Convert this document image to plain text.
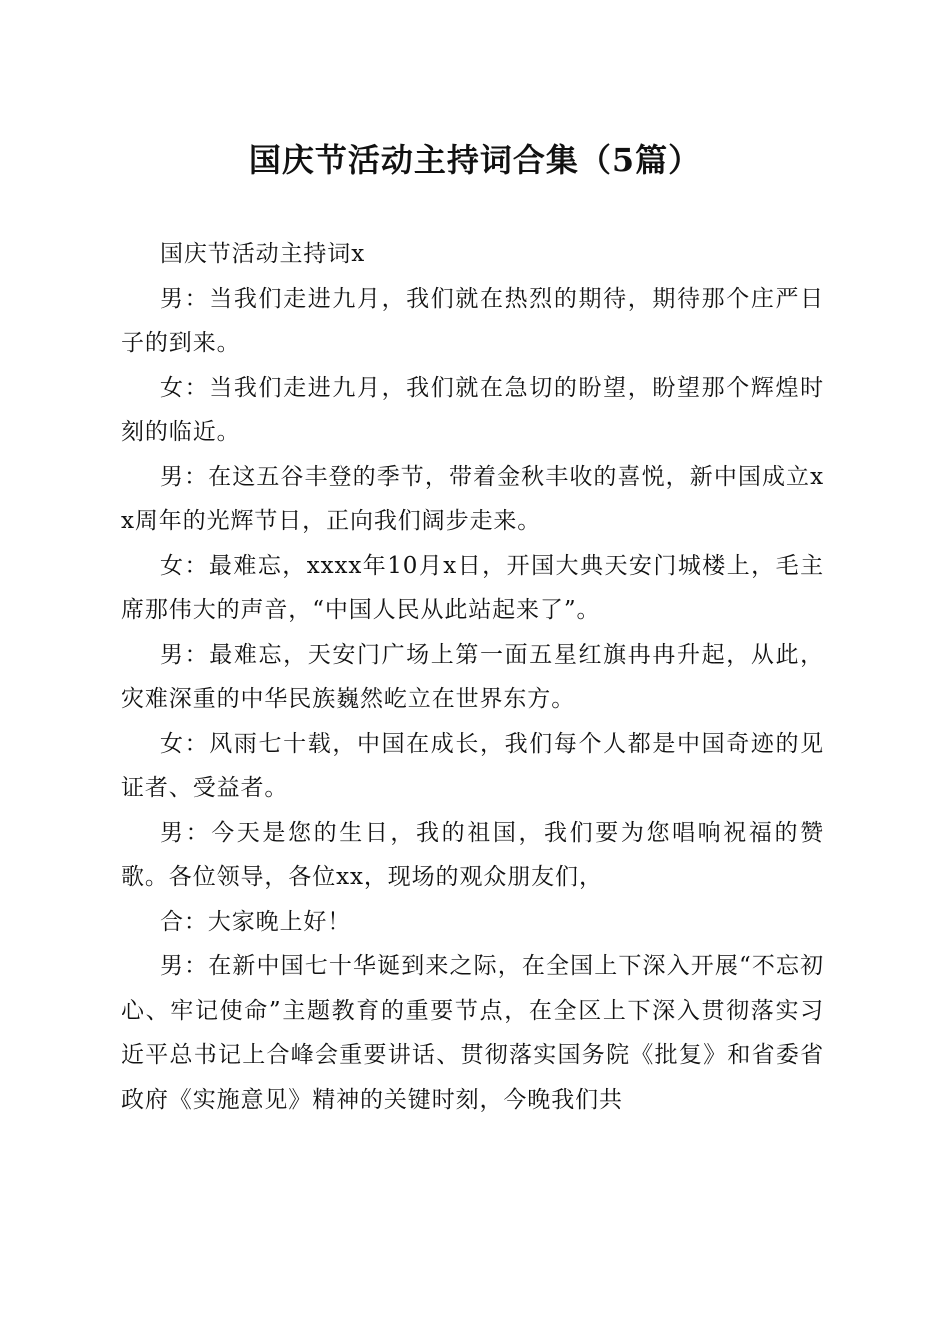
国庆节活动主持词合集（5篇）

国庆节活动主持词x

男：当我们走进九月，我们就在热烈的期待，期待那个庄严日子的到来。

女：当我们走进九月，我们就在急切的盼望，盼望那个辉煌时刻的临近。

男：在这五谷丰登的季节，带着金秋丰收的喜悦，新中国成立xx周年的光辉节日，正向我们阔步走来。

女：最难忘，xxxx年10月x日，开国大典天安门城楼上，毛主席那伟大的声音，“中国人民从此站起来了”。

男：最难忘，天安门广场上第一面五星红旗冉冉升起，从此，灾难深重的中华民族巍然屹立在世界东方。

女：风雨七十载，中国在成长，我们每个人都是中国奇迹的见证者、受益者。

男：今天是您的生日，我的祖国，我们要为您唱响祝福的赞歌。各位领导，各位xx，现场的观众朋友们，

合：大家晚上好！

男：在新中国七十华诞到来之际，在全国上下深入开展“不忘初心、牢记使命”主题教育的重要节点，在全区上下深入贯彻落实习近平总书记上合峰会重要讲话、贯彻落实国务院《批复》和省委省政府《实施意见》精神的关键时刻，今晚我们共
